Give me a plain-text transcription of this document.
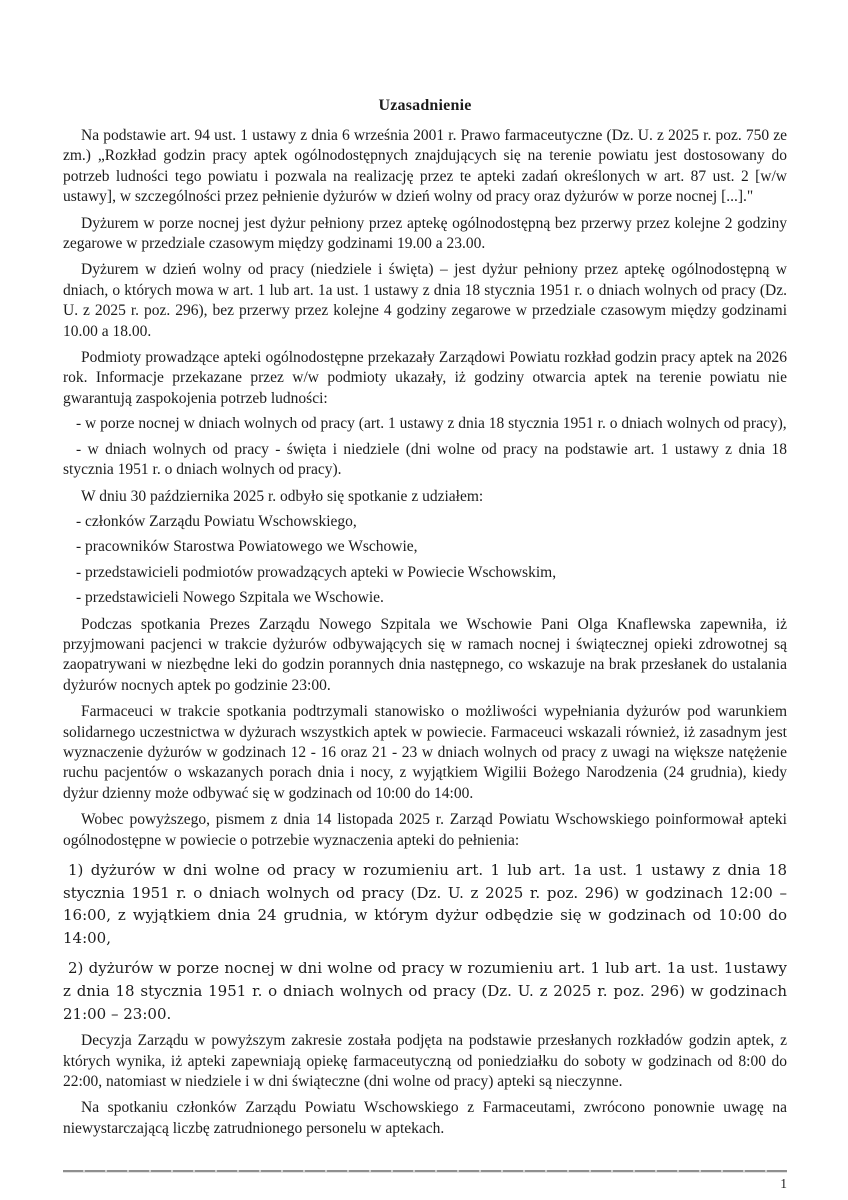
Uzasadnienie

Na podstawie art. 94 ust. 1 ustawy z dnia 6 września 2001 r. Prawo farmaceutyczne (Dz. U. z 2025 r. poz. 750 ze zm.) „Rozkład godzin pracy aptek ogólnodostępnych znajdujących się na terenie powiatu jest dostosowany do potrzeb ludności tego powiatu i pozwala na realizację przez te apteki zadań określonych w art. 87 ust. 2 [w/w ustawy], w szczególności przez pełnienie dyżurów w dzień wolny od pracy oraz dyżurów w porze nocnej [...]."

Dyżurem w porze nocnej jest dyżur pełniony przez aptekę ogólnodostępną bez przerwy przez kolejne 2 godziny zegarowe w przedziale czasowym między godzinami 19.00 a 23.00.

Dyżurem w dzień wolny od pracy (niedziele i święta) – jest dyżur pełniony przez aptekę ogólnodostępną w dniach, o których mowa w art. 1 lub art. 1a ust. 1 ustawy z dnia 18 stycznia 1951 r. o dniach wolnych od pracy (Dz. U. z 2025 r. poz. 296), bez przerwy przez kolejne 4 godziny zegarowe w przedziale czasowym między godzinami 10.00 a 18.00.

Podmioty prowadzące apteki ogólnodostępne przekazały Zarządowi Powiatu rozkład godzin pracy aptek na 2026 rok. Informacje przekazane przez w/w podmioty ukazały, iż godziny otwarcia aptek na terenie powiatu nie gwarantują zaspokojenia potrzeb ludności:

- w porze nocnej w dniach wolnych od pracy (art. 1 ustawy z dnia 18 stycznia 1951 r. o dniach wolnych od pracy),

- w dniach wolnych od pracy - święta i niedziele (dni wolne od pracy na podstawie art. 1 ustawy z dnia 18 stycznia 1951 r. o dniach wolnych od pracy).

W dniu 30 października 2025 r. odbyło się spotkanie z udziałem:

- członków Zarządu Powiatu Wschowskiego,

- pracowników Starostwa Powiatowego we Wschowie,

- przedstawicieli podmiotów prowadzących apteki w Powiecie Wschowskim,

- przedstawicieli Nowego Szpitala we Wschowie.

Podczas spotkania Prezes Zarządu Nowego Szpitala we Wschowie Pani Olga Knaflewska zapewniła, iż przyjmowani pacjenci w trakcie dyżurów odbywających się w ramach nocnej i świątecznej opieki zdrowotnej są zaopatrywani w niezbędne leki do godzin porannych dnia następnego, co wskazuje na brak przesłanek do ustalania dyżurów nocnych aptek po godzinie 23:00.

Farmaceuci w trakcie spotkania podtrzymali stanowisko o możliwości wypełniania dyżurów pod warunkiem solidarnego uczestnictwa w dyżurach wszystkich aptek w powiecie. Farmaceuci wskazali również, iż zasadnym jest wyznaczenie dyżurów w godzinach 12 - 16 oraz 21 - 23 w dniach wolnych od pracy z uwagi na większe natężenie ruchu pacjentów o wskazanych porach dnia i nocy, z wyjątkiem Wigilii Bożego Narodzenia (24 grudnia), kiedy dyżur dzienny może odbywać się w godzinach od 10:00 do 14:00.

Wobec powyższego, pismem z dnia 14 listopada 2025 r. Zarząd Powiatu Wschowskiego poinformował apteki ogólnodostępne w powiecie o potrzebie wyznaczenia apteki do pełnienia:

1) dyżurów w dni wolne od pracy w rozumieniu art. 1 lub art. 1a ust. 1 ustawy z dnia 18 stycznia 1951 r. o dniach wolnych od pracy (Dz. U. z 2025 r. poz. 296) w godzinach 12:00 – 16:00, z wyjątkiem dnia 24 grudnia, w którym dyżur odbędzie się w godzinach od 10:00 do 14:00,

2) dyżurów w porze nocnej w dni wolne od pracy w rozumieniu art. 1 lub art. 1a ust. 1ustawy z dnia 18 stycznia 1951 r. o dniach wolnych od pracy (Dz. U. z 2025 r. poz. 296) w godzinach 21:00 – 23:00.

Decyzja Zarządu w powyższym zakresie została podjęta na podstawie przesłanych rozkładów godzin aptek, z których wynika, iż apteki zapewniają opiekę farmaceutyczną od poniedziałku do soboty w godzinach od 8:00 do 22:00, natomiast w niedziele i w dni świąteczne (dni wolne od pracy) apteki są nieczynne.

Na spotkaniu członków Zarządu Powiatu Wschowskiego z Farmaceutami, zwrócono ponownie uwagę na niewystarczającą liczbę zatrudnionego personelu w aptekach.

1
